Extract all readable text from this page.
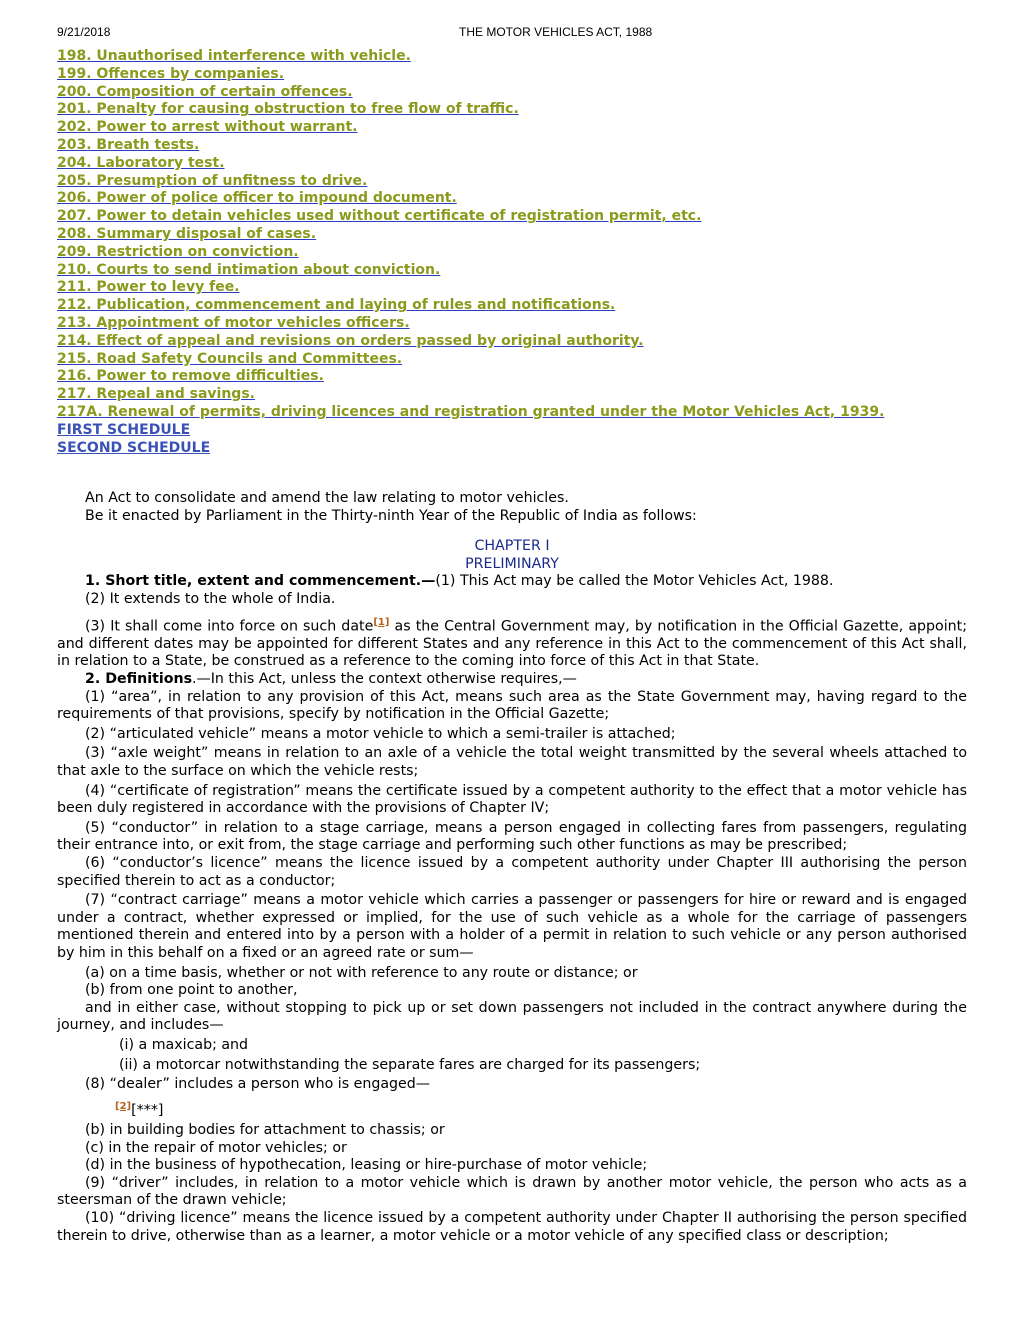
9/21/2018	THE MOTOR VEHICLES ACT, 1988
198. Unauthorised interference with vehicle.
199. Offences by companies.
200. Composition of certain offences.
201. Penalty for causing obstruction to free flow of traffic.
202. Power to arrest without warrant.
203. Breath tests.
204. Laboratory test.
205. Presumption of unfitness to drive.
206. Power of police officer to impound document.
207. Power to detain vehicles used without certificate of registration permit, etc.
208. Summary disposal of cases.
209. Restriction on conviction.
210. Courts to send intimation about conviction.
211. Power to levy fee.
212. Publication, commencement and laying of rules and notifications.
213. Appointment of motor vehicles officers.
214. Effect of appeal and revisions on orders passed by original authority.
215. Road Safety Councils and Committees.
216. Power to remove difficulties.
217. Repeal and savings.
217A. Renewal of permits, driving licences and registration granted under the Motor Vehicles Act, 1939.
FIRST SCHEDULE
SECOND SCHEDULE

An Act to consolidate and amend the law relating to motor vehicles.

Be it enacted by Parliament in the Thirty-ninth Year of the Republic of India as follows:

CHAPTER I

PRELIMINARY

1. Short title, extent and commencement.—(1) This Act may be called the Motor Vehicles Act, 1988.

(2) It extends to the whole of India.

(3) It shall come into force on such date[1] as the Central Government may, by notification in the Official Gazette, appoint; and different dates may be appointed for different States and any reference in this Act to the commencement of this Act shall, in relation to a State, be construed as a reference to the coming into force of this Act in that State.

2. Definitions.—In this Act, unless the context otherwise requires,—

(1) “area”, in relation to any provision of this Act, means such area as the State Government may, having regard to the requirements of that provisions, specify by notification in the Official Gazette;

(2) “articulated vehicle” means a motor vehicle to which a semi-trailer is attached;

(3) “axle weight” means in relation to an axle of a vehicle the total weight transmitted by the several wheels attached to that axle to the surface on which the vehicle rests;

(4) “certificate of registration” means the certificate issued by a competent authority to the effect that a motor vehicle has been duly registered in accordance with the provisions of Chapter IV;

(5) “conductor” in relation to a stage carriage, means a person engaged in collecting fares from passengers, regulating their entrance into, or exit from, the stage carriage and performing such other functions as may be prescribed;

(6) “conductor’s licence” means the licence issued by a competent authority under Chapter III authorising the person specified therein to act as a conductor;

(7) “contract carriage” means a motor vehicle which carries a passenger or passengers for hire or reward and is engaged under a contract, whether expressed or implied, for the use of such vehicle as a whole for the carriage of passengers mentioned therein and entered into by a person with a holder of a permit in relation to such vehicle or any person authorised by him in this behalf on a fixed or an agreed rate or sum—

(a) on a time basis, whether or not with reference to any route or distance; or

(b) from one point to another,

and in either case, without stopping to pick up or set down passengers not included in the contract anywhere during the journey, and includes—

(i) a maxicab; and

(ii) a motorcar notwithstanding the separate fares are charged for its passengers;

(8) “dealer” includes a person who is engaged—

[2][***]

(b) in building bodies for attachment to chassis; or

(c) in the repair of motor vehicles; or

(d) in the business of hypothecation, leasing or hire-purchase of motor vehicle;

(9) “driver” includes, in relation to a motor vehicle which is drawn by another motor vehicle, the person who acts as a steersman of the drawn vehicle;

(10) “driving licence” means the licence issued by a competent authority under Chapter II authorising the person specified therein to drive, otherwise than as a learner, a motor vehicle or a motor vehicle of any specified class or description;
